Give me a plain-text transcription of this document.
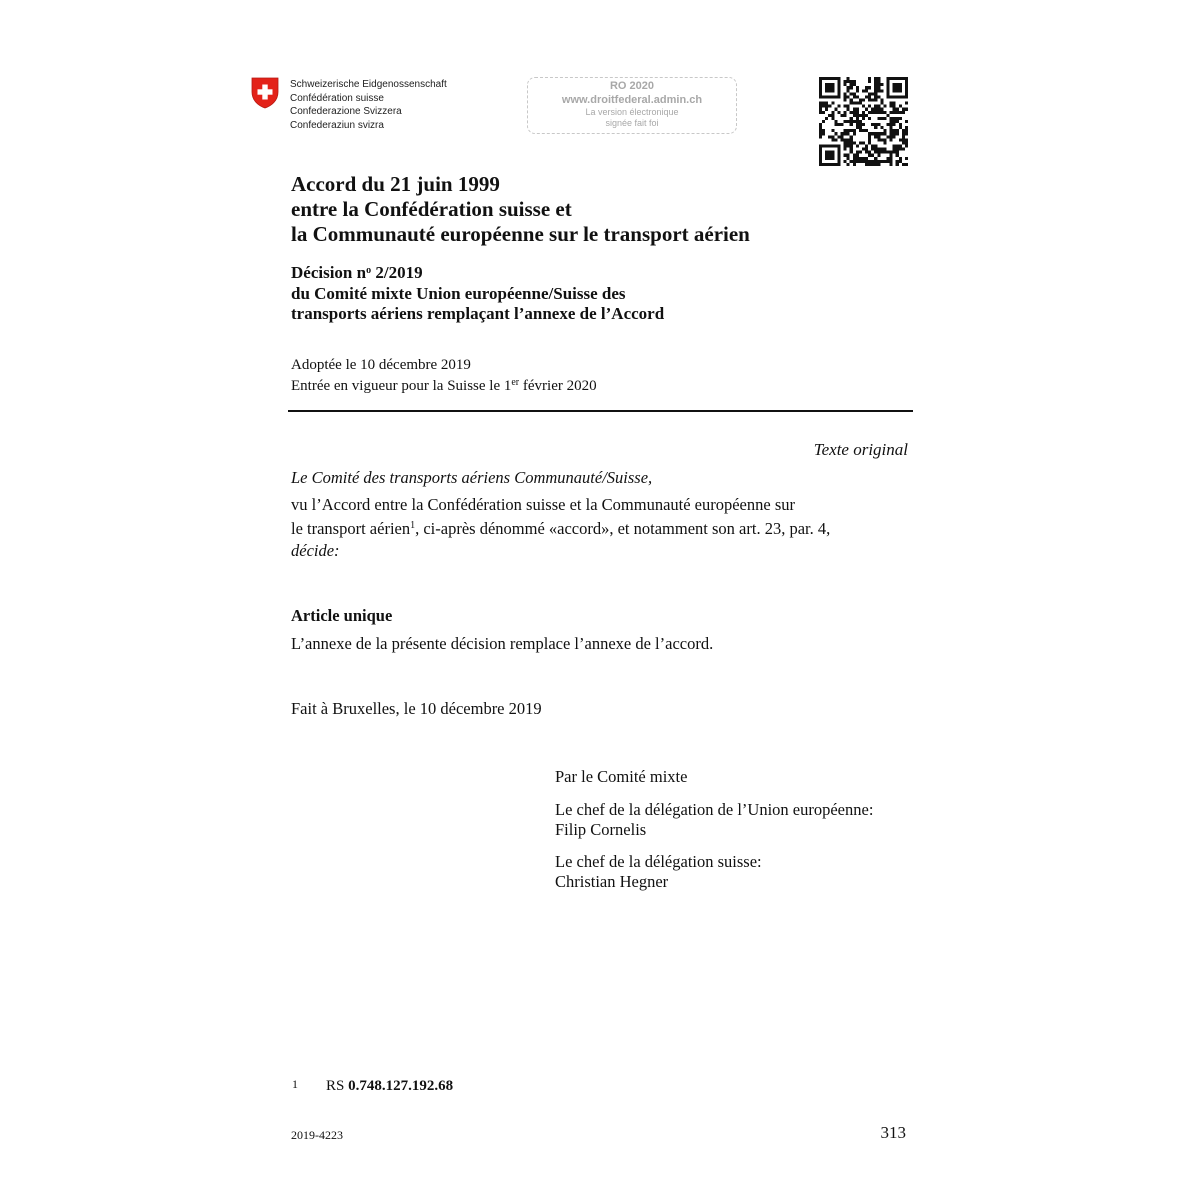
Schweizerische Eidgenossenschaft
Confédération suisse
Confederazione Svizzera
Confederaziun svizra
RO 2020
www.droitfederal.admin.ch
La version électronique
signée fait foi
Accord du 21 juin 1999
entre la Confédération suisse et
la Communauté européenne sur le transport aérien
Décision $n^o$ 2/2019
du Comité mixte Union européenne/Suisse des
transports aériens remplaçant l’annexe de l’Accord
Adoptée le 10 décembre 2019
Entrée en vigueur pour la Suisse le 1er février 2020
Texte original
Le Comité des transports aériens Communauté/Suisse,
vu l’Accord entre la Confédération suisse et la Communauté européenne sur
le transport aérien$^1$, ci-après dénommé «accord», et notamment son art. 23, par. 4,
décide:
Article unique
L’annexe de la présente décision remplace l’annexe de l’accord.
Fait à Bruxelles, le 10 décembre 2019
Par le Comité mixte
Le chef de la délégation de l’Union européenne:
Filip Cornelis
Le chef de la délégation suisse:
Christian Hegner
1 RS 0.748.127.192.68
2019-4223	313
